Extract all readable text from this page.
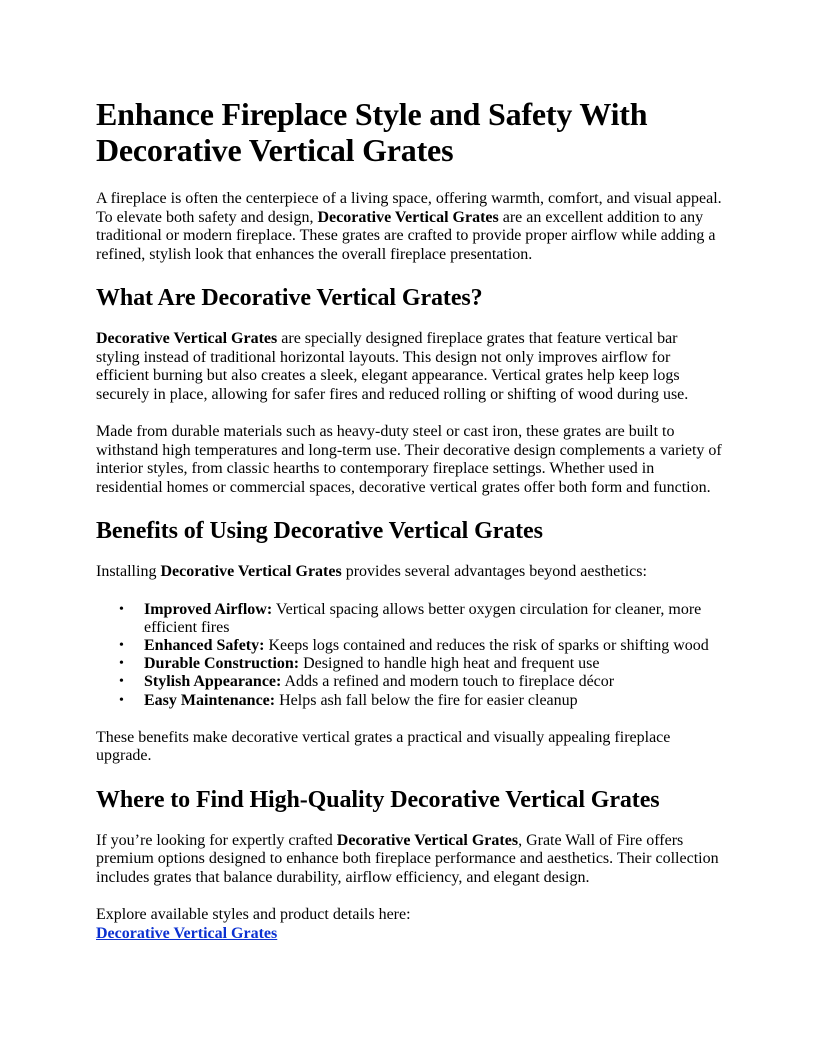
Enhance Fireplace Style and Safety With Decorative Vertical Grates

A fireplace is often the centerpiece of a living space, offering warmth, comfort, and visual appeal. To elevate both safety and design, Decorative Vertical Grates are an excellent addition to any traditional or modern fireplace. These grates are crafted to provide proper airflow while adding a refined, stylish look that enhances the overall fireplace presentation.

What Are Decorative Vertical Grates?

Decorative Vertical Grates are specially designed fireplace grates that feature vertical bar styling instead of traditional horizontal layouts. This design not only improves airflow for efficient burning but also creates a sleek, elegant appearance. Vertical grates help keep logs securely in place, allowing for safer fires and reduced rolling or shifting of wood during use.

Made from durable materials such as heavy-duty steel or cast iron, these grates are built to withstand high temperatures and long-term use. Their decorative design complements a variety of interior styles, from classic hearths to contemporary fireplace settings. Whether used in residential homes or commercial spaces, decorative vertical grates offer both form and function.

Benefits of Using Decorative Vertical Grates

Installing Decorative Vertical Grates provides several advantages beyond aesthetics:

• Improved Airflow: Vertical spacing allows better oxygen circulation for cleaner, more efficient fires
• Enhanced Safety: Keeps logs contained and reduces the risk of sparks or shifting wood
• Durable Construction: Designed to handle high heat and frequent use
• Stylish Appearance: Adds a refined and modern touch to fireplace décor
• Easy Maintenance: Helps ash fall below the fire for easier cleanup

These benefits make decorative vertical grates a practical and visually appealing fireplace upgrade.

Where to Find High-Quality Decorative Vertical Grates

If you’re looking for expertly crafted Decorative Vertical Grates, Grate Wall of Fire offers premium options designed to enhance both fireplace performance and aesthetics. Their collection includes grates that balance durability, airflow efficiency, and elegant design.

Explore available styles and product details here:

Decorative Vertical Grates
